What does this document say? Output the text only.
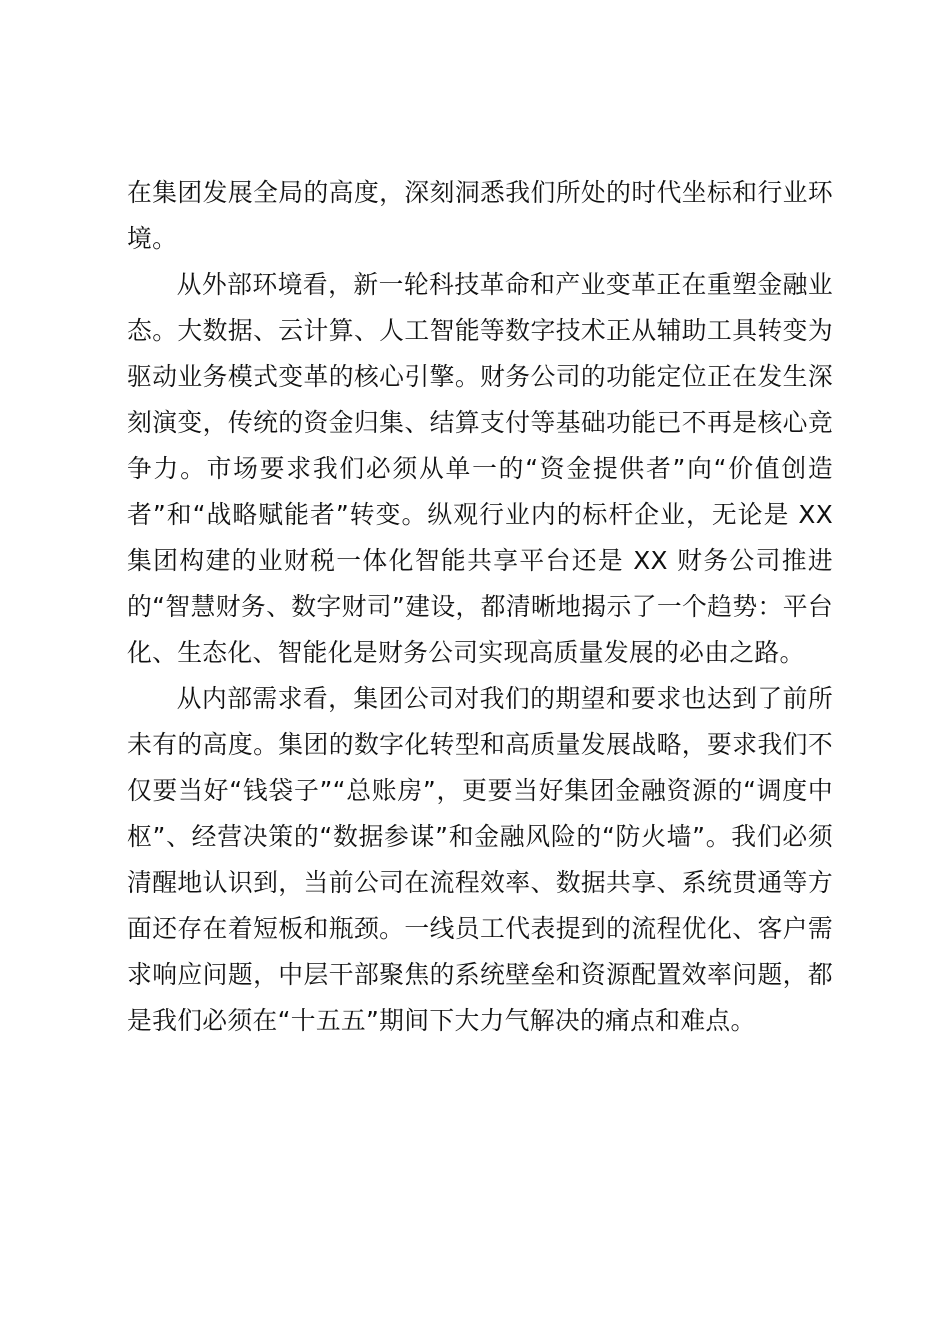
在集团发展全局的高度，深刻洞悉我们所处的时代坐标和行业环境。

从外部环境看，新一轮科技革命和产业变革正在重塑金融业态。大数据、云计算、人工智能等数字技术正从辅助工具转变为驱动业务模式变革的核心引擎。财务公司的功能定位正在发生深刻演变，传统的资金归集、结算支付等基础功能已不再是核心竞争力。市场要求我们必须从单一的“资金提供者”向“价值创造者”和“战略赋能者”转变。纵观行业内的标杆企业，无论是 XX 集团构建的业财税一体化智能共享平台还是 XX 财务公司推进的“智慧财务、数字财司”建设，都清晰地揭示了一个趋势：平台化、生态化、智能化是财务公司实现高质量发展的必由之路。

从内部需求看，集团公司对我们的期望和要求也达到了前所未有的高度。集团的数字化转型和高质量发展战略，要求我们不仅要当好“钱袋子”“总账房”，更要当好集团金融资源的“调度中枢”、经营决策的“数据参谋”和金融风险的“防火墙”。我们必须清醒地认识到，当前公司在流程效率、数据共享、系统贯通等方面还存在着短板和瓶颈。一线员工代表提到的流程优化、客户需求响应问题，中层干部聚焦的系统壁垒和资源配置效率问题，都是我们必须在“十五五”期间下大力气解决的痛点和难点。
